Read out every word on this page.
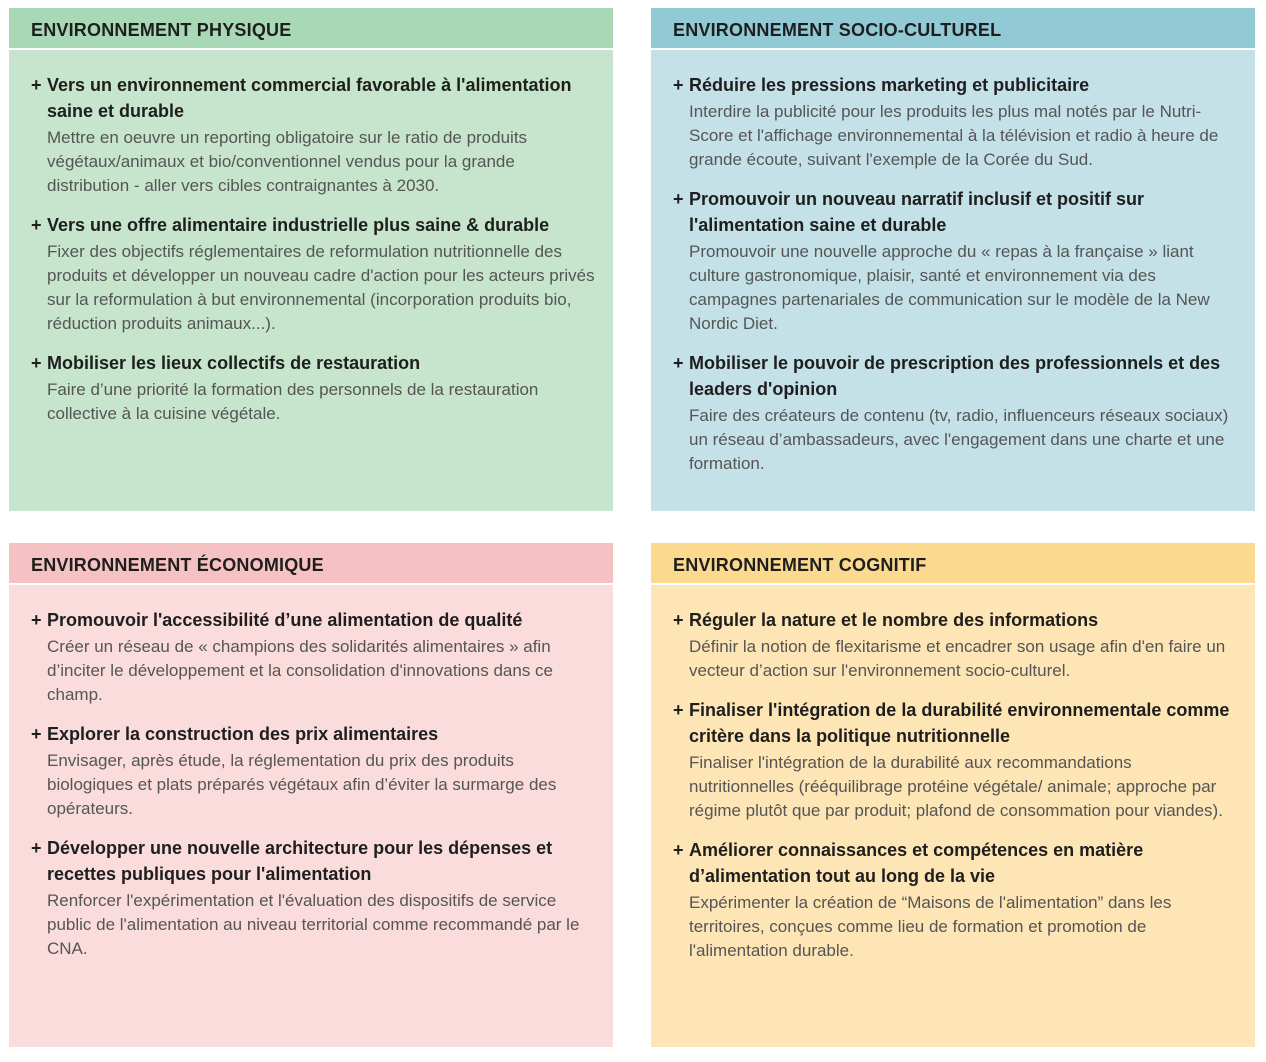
ENVIRONNEMENT PHYSIQUE
+ Vers un environnement commercial favorable à l'alimentation saine et durable
Mettre en oeuvre un reporting obligatoire sur le ratio de produits végétaux/animaux et bio/conventionnel vendus pour la grande distribution - aller vers cibles contraignantes à 2030.
+ Vers une offre alimentaire industrielle plus saine & durable
Fixer des objectifs réglementaires de reformulation nutritionnelle des produits et développer un nouveau cadre d'action pour les acteurs privés sur la reformulation à but environnemental (incorporation produits bio, réduction produits animaux...).
+ Mobiliser les lieux collectifs de restauration
Faire d’une priorité la formation des personnels de la restauration collective à la cuisine végétale.
ENVIRONNEMENT SOCIO-CULTUREL
+ Réduire les pressions marketing et publicitaire
Interdire la publicité pour les produits les plus mal notés par le Nutri-Score et l'affichage environnemental à la télévision et radio à heure de grande écoute, suivant l'exemple de la Corée du Sud.
+ Promouvoir un nouveau narratif inclusif et positif sur l'alimentation saine et durable
Promouvoir une nouvelle approche du « repas à la française » liant culture gastronomique, plaisir, santé et environnement via des campagnes partenariales de communication sur le modèle de la New Nordic Diet.
+ Mobiliser le pouvoir de prescription des professionnels et des leaders d'opinion
Faire des créateurs de contenu (tv, radio, influenceurs réseaux sociaux) un réseau d’ambassadeurs, avec l'engagement dans une charte et une formation.
ENVIRONNEMENT ÉCONOMIQUE
+ Promouvoir l'accessibilité d’une alimentation de qualité
Créer un réseau de « champions des solidarités alimentaires » afin d’inciter le développement et la consolidation d'innovations dans ce champ.
+ Explorer la construction des prix alimentaires
Envisager, après étude, la réglementation du prix des produits biologiques et plats préparés végétaux afin d’éviter la surmarge des opérateurs.
+ Développer une nouvelle architecture pour les dépenses et recettes publiques pour l'alimentation
Renforcer l'expérimentation et l'évaluation des dispositifs de service public de l'alimentation au niveau territorial comme recommandé par le CNA.
ENVIRONNEMENT COGNITIF
+ Réguler la nature et le nombre des informations
Définir la notion de flexitarisme et encadrer son usage afin d'en faire un vecteur d’action sur l'environnement socio-culturel.
+ Finaliser l'intégration de la durabilité environnementale comme critère dans la politique nutritionnelle
Finaliser l'intégration de la durabilité aux recommandations nutritionnelles (rééquilibrage protéine végétale/ animale; approche par régime plutôt que par produit; plafond de consommation pour viandes).
+ Améliorer connaissances et compétences en matière d’alimentation tout au long de la vie
Expérimenter la création de “Maisons de l'alimentation” dans les territoires, conçues comme lieu de formation et promotion de l'alimentation durable.
